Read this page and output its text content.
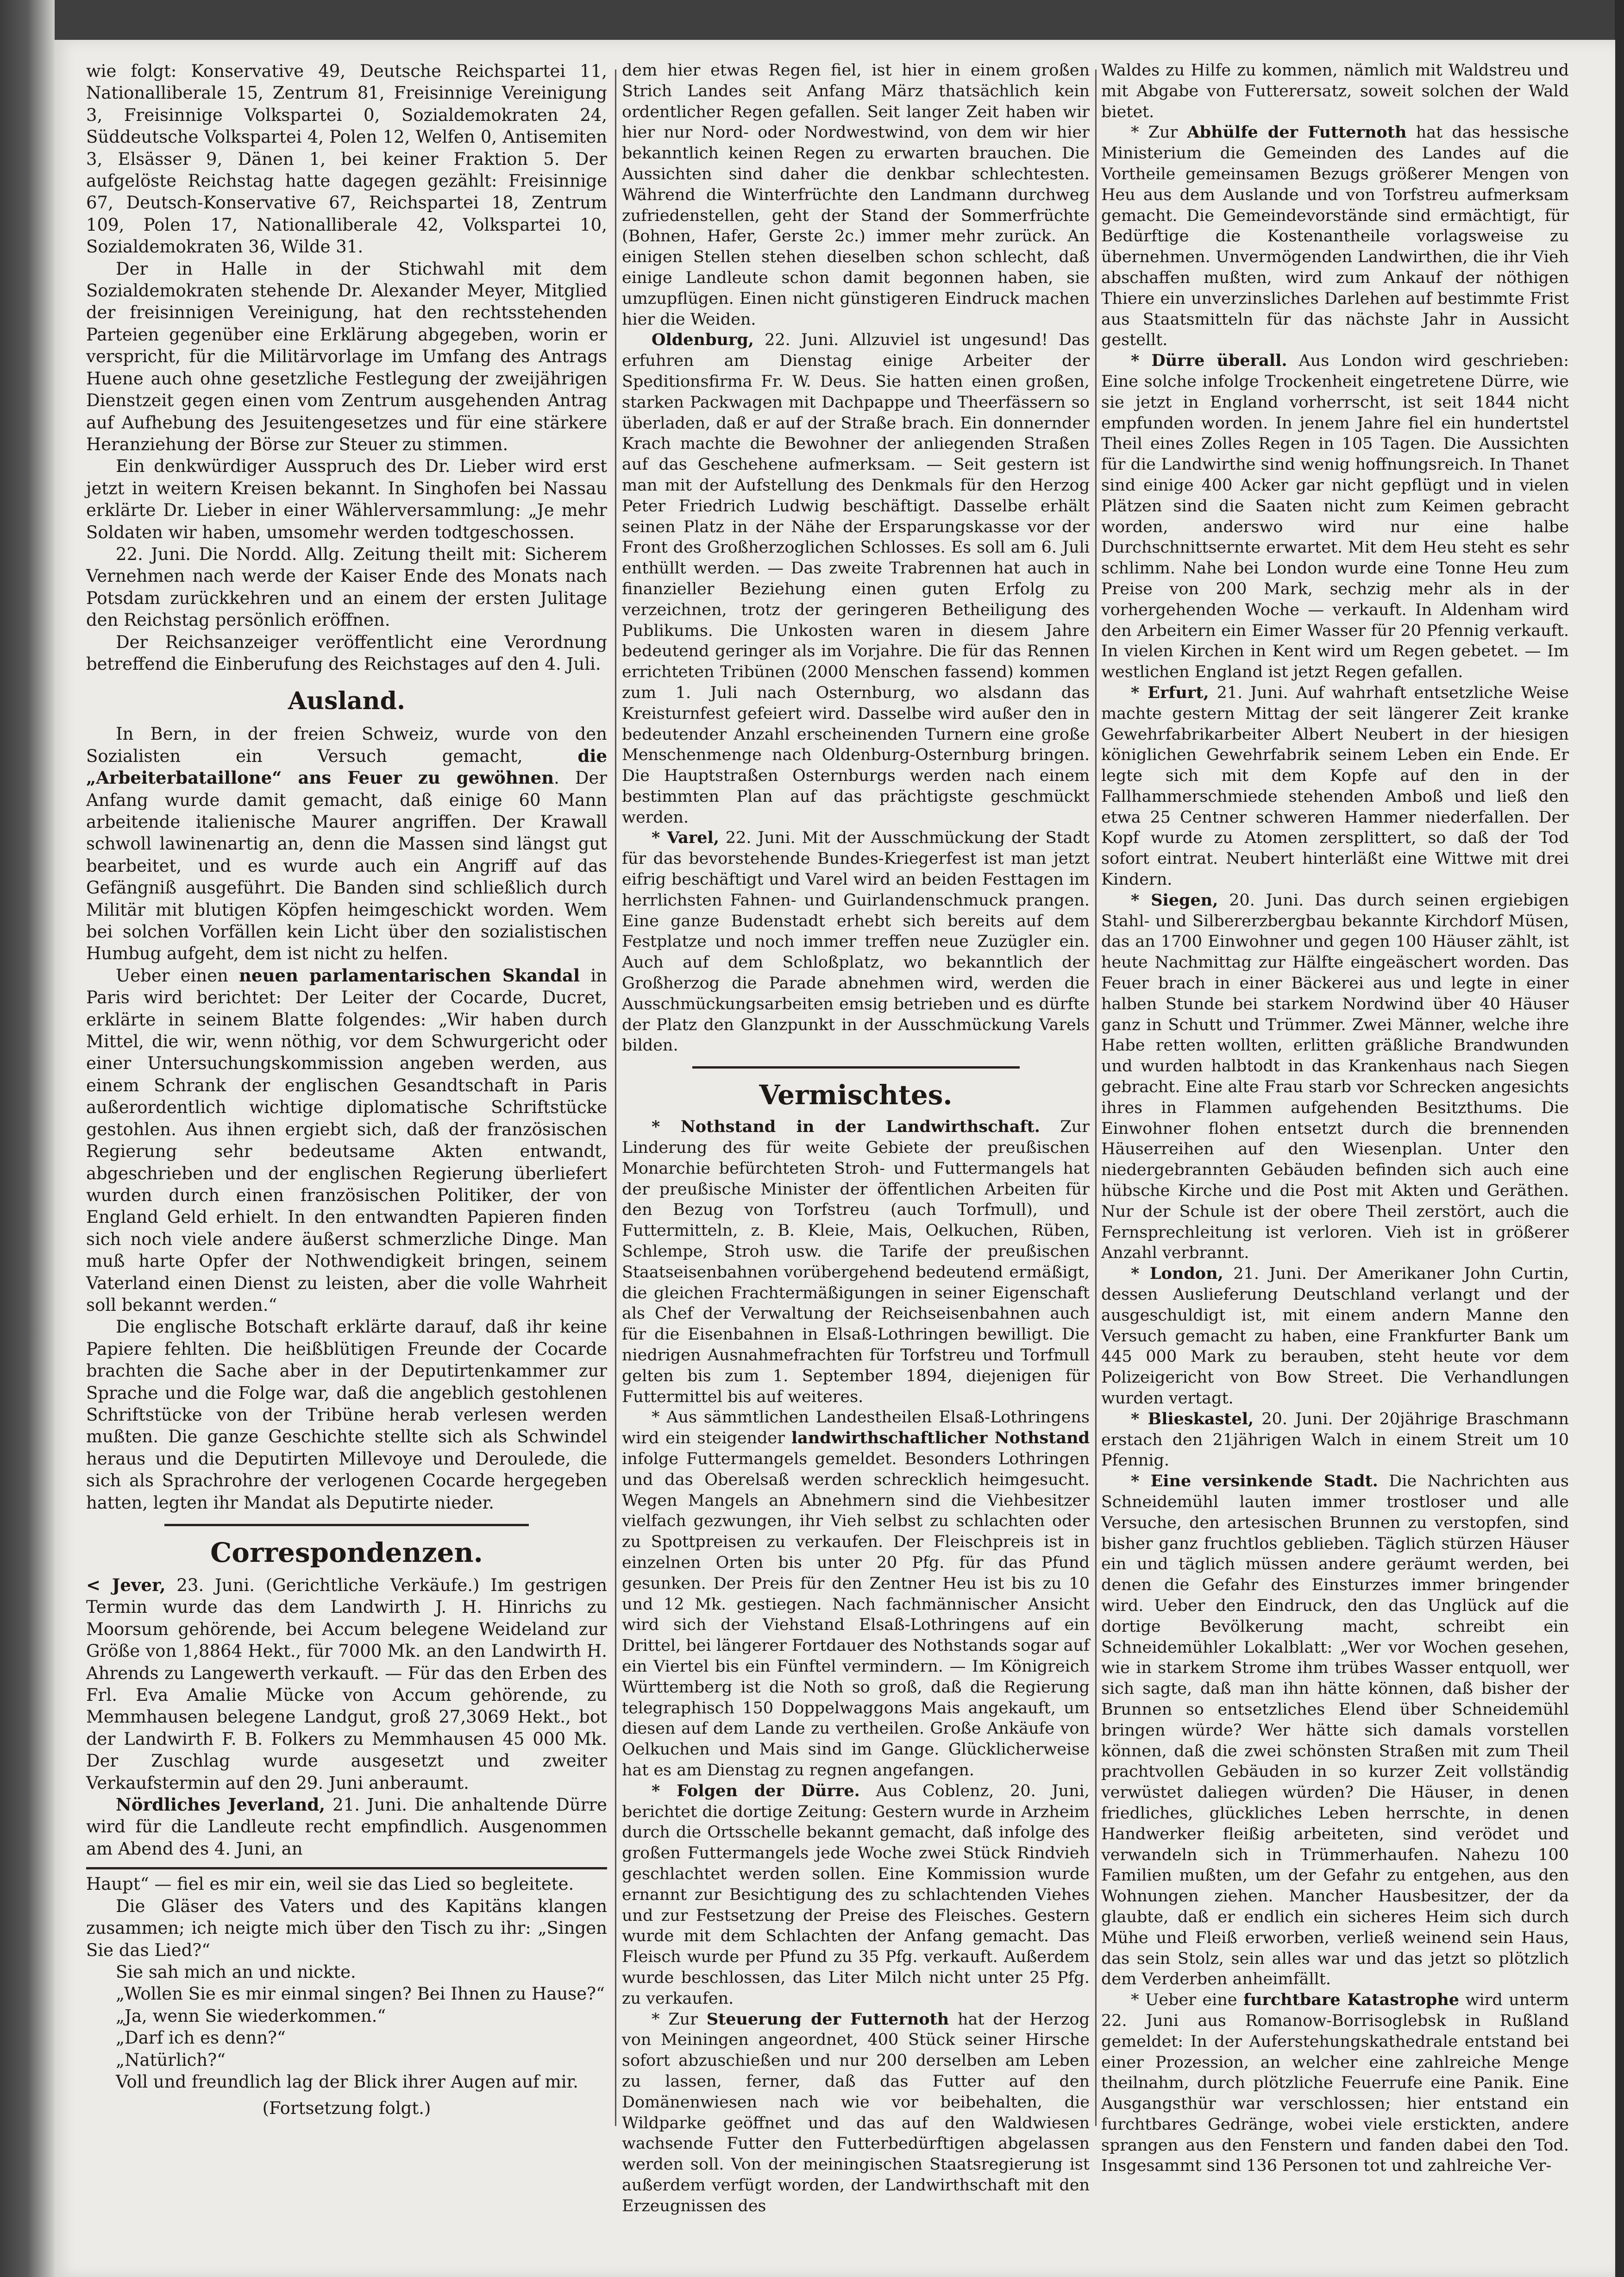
wie folgt: Konservative 49, Deutsche Reichspartei 11, Nationalliberale 15, Zentrum 81, Freisinnige Vereinigung 3, Freisinnige Volkspartei 0, Sozialdemokraten 24, Süddeutsche Volkspartei 4, Polen 12, Welfen 0, Antisemiten 3, Elsässer 9, Dänen 1, bei keiner Fraktion 5. Der aufgelöste Reichstag hatte dagegen gezählt: Freisinnige 67, Deutsch-Konservative 67, Reichspartei 18, Zentrum 109, Polen 17, Nationalliberale 42, Volkspartei 10, Sozialdemokraten 36, Wilde 31.

Der in Halle in der Stichwahl mit dem Sozialdemokraten stehende Dr. Alexander Meyer, Mitglied der freisinnigen Vereinigung, hat den rechtsstehenden Parteien gegenüber eine Erklärung abgegeben, worin er verspricht, für die Militärvorlage im Umfang des Antrags Huene auch ohne gesetzliche Festlegung der zweijährigen Dienstzeit gegen einen vom Zentrum ausgehenden Antrag auf Aufhebung des Jesuitengesetzes und für eine stärkere Heranziehung der Börse zur Steuer zu stimmen.

Ein denkwürdiger Ausspruch des Dr. Lieber wird erst jetzt in weitern Kreisen bekannt. In Singhofen bei Nassau erklärte Dr. Lieber in einer Wählerversammlung: „Je mehr Soldaten wir haben, umsomehr werden todtgeschossen.

22. Juni. Die Nordd. Allg. Zeitung theilt mit: Sicherem Vernehmen nach werde der Kaiser Ende des Monats nach Potsdam zurückkehren und an einem der ersten Julitage den Reichstag persönlich eröffnen.

Der Reichsanzeiger veröffentlicht eine Verordnung betreffend die Einberufung des Reichstages auf den 4. Juli.

Ausland.

In Bern, in der freien Schweiz, wurde von den Sozialisten ein Versuch gemacht, die „Arbeiterbataillone“ ans Feuer zu gewöhnen. Der Anfang wurde damit gemacht, daß einige 60 Mann arbeitende italienische Maurer angriffen. Der Krawall schwoll lawinenartig an, denn die Massen sind längst gut bearbeitet, und es wurde auch ein Angriff auf das Gefängniß ausgeführt. Die Banden sind schließlich durch Militär mit blutigen Köpfen heimgeschickt worden. Wem bei solchen Vorfällen kein Licht über den sozialistischen Humbug aufgeht, dem ist nicht zu helfen.

Ueber einen neuen parlamentarischen Skandal in Paris wird berichtet: Der Leiter der Cocarde, Ducret, erklärte in seinem Blatte folgendes: „Wir haben durch Mittel, die wir, wenn nöthig, vor dem Schwurgericht oder einer Untersuchungskommission angeben werden, aus einem Schrank der englischen Gesandtschaft in Paris außerordentlich wichtige diplomatische Schriftstücke gestohlen. Aus ihnen ergiebt sich, daß der französischen Regierung sehr bedeutsame Akten entwandt, abgeschrieben und der englischen Regierung überliefert wurden durch einen französischen Politiker, der von England Geld erhielt. In den entwandten Papieren finden sich noch viele andere äußerst schmerzliche Dinge. Man muß harte Opfer der Nothwendigkeit bringen, seinem Vaterland einen Dienst zu leisten, aber die volle Wahrheit soll bekannt werden.“

Die englische Botschaft erklärte darauf, daß ihr keine Papiere fehlten. Die heißblütigen Freunde der Cocarde brachten die Sache aber in der Deputirtenkammer zur Sprache und die Folge war, daß die angeblich gestohlenen Schriftstücke von der Tribüne herab verlesen werden mußten. Die ganze Geschichte stellte sich als Schwindel heraus und die Deputirten Millevoye und Deroulede, die sich als Sprachrohre der verlogenen Cocarde hergegeben hatten, legten ihr Mandat als Deputirte nieder.

Correspondenzen.

< Jever, 23. Juni. (Gerichtliche Verkäufe.) Im gestrigen Termin wurde das dem Landwirth J. H. Hinrichs zu Moorsum gehörende, bei Accum belegene Weideland zur Größe von 1,8864 Hekt., für 7000 Mk. an den Landwirth H. Ahrends zu Langewerth verkauft. — Für das den Erben des Frl. Eva Amalie Mücke von Accum gehörende, zu Memmhausen belegene Landgut, groß 27,3069 Hekt., bot der Landwirth F. B. Folkers zu Memmhausen 45 000 Mk. Der Zuschlag wurde ausgesetzt und zweiter Verkaufstermin auf den 29. Juni anberaumt.

Nördliches Jeverland, 21. Juni. Die anhaltende Dürre wird für die Landleute recht empfindlich. Ausgenommen am Abend des 4. Juni, an

Haupt“ — fiel es mir ein, weil sie das Lied so begleitete.

Die Gläser des Vaters und des Kapitäns klangen zusammen; ich neigte mich über den Tisch zu ihr: „Singen Sie das Lied?“

Sie sah mich an und nickte.

„Wollen Sie es mir einmal singen? Bei Ihnen zu Hause?“

„Ja, wenn Sie wiederkommen.“

„Darf ich es denn?“

„Natürlich?“

Voll und freundlich lag der Blick ihrer Augen auf mir.

(Fortsetzung folgt.)

dem hier etwas Regen fiel, ist hier in einem großen Strich Landes seit Anfang März thatsächlich kein ordentlicher Regen gefallen. Seit langer Zeit haben wir hier nur Nord- oder Nordwestwind, von dem wir hier bekanntlich keinen Regen zu erwarten brauchen. Die Aussichten sind daher die denkbar schlechtesten. Während die Winterfrüchte den Landmann durchweg zufriedenstellen, geht der Stand der Sommerfrüchte (Bohnen, Hafer, Gerste 2c.) immer mehr zurück. An einigen Stellen stehen dieselben schon schlecht, daß einige Landleute schon damit begonnen haben, sie umzupflügen. Einen nicht günstigeren Eindruck machen hier die Weiden.

Oldenburg, 22. Juni. Allzuviel ist ungesund! Das erfuhren am Dienstag einige Arbeiter der Speditionsfirma Fr. W. Deus. Sie hatten einen großen, starken Packwagen mit Dachpappe und Theerfässern so überladen, daß er auf der Straße brach. Ein donnernder Krach machte die Bewohner der anliegenden Straßen auf das Geschehene aufmerksam. — Seit gestern ist man mit der Aufstellung des Denkmals für den Herzog Peter Friedrich Ludwig beschäftigt. Dasselbe erhält seinen Platz in der Nähe der Ersparungskasse vor der Front des Großherzoglichen Schlosses. Es soll am 6. Juli enthüllt werden. — Das zweite Trabrennen hat auch in finanzieller Beziehung einen guten Erfolg zu verzeichnen, trotz der geringeren Betheiligung des Publikums. Die Unkosten waren in diesem Jahre bedeutend geringer als im Vorjahre. Die für das Rennen errichteten Tribünen (2000 Menschen fassend) kommen zum 1. Juli nach Osternburg, wo alsdann das Kreisturnfest gefeiert wird. Dasselbe wird außer den in bedeutender Anzahl erscheinenden Turnern eine große Menschenmenge nach Oldenburg-Osternburg bringen. Die Hauptstraßen Osternburgs werden nach einem bestimmten Plan auf das prächtigste geschmückt werden.

* Varel, 22. Juni. Mit der Ausschmückung der Stadt für das bevorstehende Bundes-Kriegerfest ist man jetzt eifrig beschäftigt und Varel wird an beiden Festtagen im herrlichsten Fahnen- und Guirlandenschmuck prangen. Eine ganze Budenstadt erhebt sich bereits auf dem Festplatze und noch immer treffen neue Zuzügler ein. Auch auf dem Schloßplatz, wo bekanntlich der Großherzog die Parade abnehmen wird, werden die Ausschmückungsarbeiten emsig betrieben und es dürfte der Platz den Glanzpunkt in der Ausschmückung Varels bilden.

Vermischtes.

* Nothstand in der Landwirthschaft. Zur Linderung des für weite Gebiete der preußischen Monarchie befürchteten Stroh- und Futtermangels hat der preußische Minister der öffentlichen Arbeiten für den Bezug von Torfstreu (auch Torfmull), und Futtermitteln, z. B. Kleie, Mais, Oelkuchen, Rüben, Schlempe, Stroh usw. die Tarife der preußischen Staatseisenbahnen vorübergehend bedeutend ermäßigt, die gleichen Frachtermäßigungen in seiner Eigenschaft als Chef der Verwaltung der Reichseisenbahnen auch für die Eisenbahnen in Elsaß-Lothringen bewilligt. Die niedrigen Ausnahmefrachten für Torfstreu und Torfmull gelten bis zum 1. September 1894, diejenigen für Futtermittel bis auf weiteres.

* Aus sämmtlichen Landestheilen Elsaß-Lothringens wird ein steigender landwirthschaftlicher Nothstand infolge Futtermangels gemeldet. Besonders Lothringen und das Oberelsaß werden schrecklich heimgesucht. Wegen Mangels an Abnehmern sind die Viehbesitzer vielfach gezwungen, ihr Vieh selbst zu schlachten oder zu Spottpreisen zu verkaufen. Der Fleischpreis ist in einzelnen Orten bis unter 20 Pfg. für das Pfund gesunken. Der Preis für den Zentner Heu ist bis zu 10 und 12 Mk. gestiegen. Nach fachmännischer Ansicht wird sich der Viehstand Elsaß-Lothringens auf ein Drittel, bei längerer Fortdauer des Nothstands sogar auf ein Viertel bis ein Fünftel vermindern. — Im Königreich Württemberg ist die Noth so groß, daß die Regierung telegraphisch 150 Doppelwaggons Mais angekauft, um diesen auf dem Lande zu vertheilen. Große Ankäufe von Oelkuchen und Mais sind im Gange. Glücklicherweise hat es am Dienstag zu regnen angefangen.

* Folgen der Dürre. Aus Coblenz, 20. Juni, berichtet die dortige Zeitung: Gestern wurde in Arzheim durch die Ortsschelle bekannt gemacht, daß infolge des großen Futtermangels jede Woche zwei Stück Rindvieh geschlachtet werden sollen. Eine Kommission wurde ernannt zur Besichtigung des zu schlachtenden Viehes und zur Festsetzung der Preise des Fleisches. Gestern wurde mit dem Schlachten der Anfang gemacht. Das Fleisch wurde per Pfund zu 35 Pfg. verkauft. Außerdem wurde beschlossen, das Liter Milch nicht unter 25 Pfg. zu verkaufen.

* Zur Steuerung der Futternoth hat der Herzog von Meiningen angeordnet, 400 Stück seiner Hirsche sofort abzuschießen und nur 200 derselben am Leben zu lassen, ferner, daß das Futter auf den Domänenwiesen nach wie vor beibehalten, die Wildparke geöffnet und das auf den Waldwiesen wachsende Futter den Futterbedürftigen abgelassen werden soll. Von der meiningischen Staatsregierung ist außerdem verfügt worden, der Landwirthschaft mit den Erzeugnissen des

Waldes zu Hilfe zu kommen, nämlich mit Waldstreu und mit Abgabe von Futterersatz, soweit solchen der Wald bietet.

* Zur Abhülfe der Futternoth hat das hessische Ministerium die Gemeinden des Landes auf die Vortheile gemeinsamen Bezugs größerer Mengen von Heu aus dem Auslande und von Torfstreu aufmerksam gemacht. Die Gemeindevorstände sind ermächtigt, für Bedürftige die Kostenantheile vorlagsweise zu übernehmen. Unvermögenden Landwirthen, die ihr Vieh abschaffen mußten, wird zum Ankauf der nöthigen Thiere ein unverzinsliches Darlehen auf bestimmte Frist aus Staatsmitteln für das nächste Jahr in Aussicht gestellt.

* Dürre überall. Aus London wird geschrieben: Eine solche infolge Trockenheit eingetretene Dürre, wie sie jetzt in England vorherrscht, ist seit 1844 nicht empfunden worden. In jenem Jahre fiel ein hundertstel Theil eines Zolles Regen in 105 Tagen. Die Aussichten für die Landwirthe sind wenig hoffnungsreich. In Thanet sind einige 400 Acker gar nicht gepflügt und in vielen Plätzen sind die Saaten nicht zum Keimen gebracht worden, anderswo wird nur eine halbe Durchschnittsernte erwartet. Mit dem Heu steht es sehr schlimm. Nahe bei London wurde eine Tonne Heu zum Preise von 200 Mark, sechzig mehr als in der vorhergehenden Woche — verkauft. In Aldenham wird den Arbeitern ein Eimer Wasser für 20 Pfennig verkauft. In vielen Kirchen in Kent wird um Regen gebetet. — Im westlichen England ist jetzt Regen gefallen.

* Erfurt, 21. Juni. Auf wahrhaft entsetzliche Weise machte gestern Mittag der seit längerer Zeit kranke Gewehrfabrikarbeiter Albert Neubert in der hiesigen königlichen Gewehrfabrik seinem Leben ein Ende. Er legte sich mit dem Kopfe auf den in der Fallhammerschmiede stehenden Amboß und ließ den etwa 25 Centner schweren Hammer niederfallen. Der Kopf wurde zu Atomen zersplittert, so daß der Tod sofort eintrat. Neubert hinterläßt eine Wittwe mit drei Kindern.

* Siegen, 20. Juni. Das durch seinen ergiebigen Stahl- und Silbererzbergbau bekannte Kirchdorf Müsen, das an 1700 Einwohner und gegen 100 Häuser zählt, ist heute Nachmittag zur Hälfte eingeäschert worden. Das Feuer brach in einer Bäckerei aus und legte in einer halben Stunde bei starkem Nordwind über 40 Häuser ganz in Schutt und Trümmer. Zwei Männer, welche ihre Habe retten wollten, erlitten gräßliche Brandwunden und wurden halbtodt in das Krankenhaus nach Siegen gebracht. Eine alte Frau starb vor Schrecken angesichts ihres in Flammen aufgehenden Besitzthums. Die Einwohner flohen entsetzt durch die brennenden Häuserreihen auf den Wiesenplan. Unter den niedergebrannten Gebäuden befinden sich auch eine hübsche Kirche und die Post mit Akten und Geräthen. Nur der Schule ist der obere Theil zerstört, auch die Fernsprechleitung ist verloren. Vieh ist in größerer Anzahl verbrannt.

* London, 21. Juni. Der Amerikaner John Curtin, dessen Auslieferung Deutschland verlangt und der ausgeschuldigt ist, mit einem andern Manne den Versuch gemacht zu haben, eine Frankfurter Bank um 445 000 Mark zu berauben, steht heute vor dem Polizeigericht von Bow Street. Die Verhandlungen wurden vertagt.

* Blieskastel, 20. Juni. Der 20jährige Braschmann erstach den 21jährigen Walch in einem Streit um 10 Pfennig.

* Eine versinkende Stadt. Die Nachrichten aus Schneidemühl lauten immer trostloser und alle Versuche, den artesischen Brunnen zu verstopfen, sind bisher ganz fruchtlos geblieben. Täglich stürzen Häuser ein und täglich müssen andere geräumt werden, bei denen die Gefahr des Einsturzes immer bringender wird. Ueber den Eindruck, den das Unglück auf die dortige Bevölkerung macht, schreibt ein Schneidemühler Lokalblatt: „Wer vor Wochen gesehen, wie in starkem Strome ihm trübes Wasser entquoll, wer sich sagte, daß man ihn hätte können, daß bisher der Brunnen so entsetzliches Elend über Schneidemühl bringen würde? Wer hätte sich damals vorstellen können, daß die zwei schönsten Straßen mit zum Theil prachtvollen Gebäuden in so kurzer Zeit vollständig verwüstet daliegen würden? Die Häuser, in denen friedliches, glückliches Leben herrschte, in denen Handwerker fleißig arbeiteten, sind verödet und verwandeln sich in Trümmerhaufen. Nahezu 100 Familien mußten, um der Gefahr zu entgehen, aus den Wohnungen ziehen. Mancher Hausbesitzer, der da glaubte, daß er endlich ein sicheres Heim sich durch Mühe und Fleiß erworben, verließ weinend sein Haus, das sein Stolz, sein alles war und das jetzt so plötzlich dem Verderben anheimfällt.

* Ueber eine furchtbare Katastrophe wird unterm 22. Juni aus Romanow-Borrisoglebsk in Rußland gemeldet: In der Auferstehungskathedrale entstand bei einer Prozession, an welcher eine zahlreiche Menge theilnahm, durch plötzliche Feuerrufe eine Panik. Eine Ausgangsthür war verschlossen; hier entstand ein furchtbares Gedränge, wobei viele erstickten, andere sprangen aus den Fenstern und fanden dabei den Tod. Insgesammt sind 136 Personen tot und zahlreiche Ver-
